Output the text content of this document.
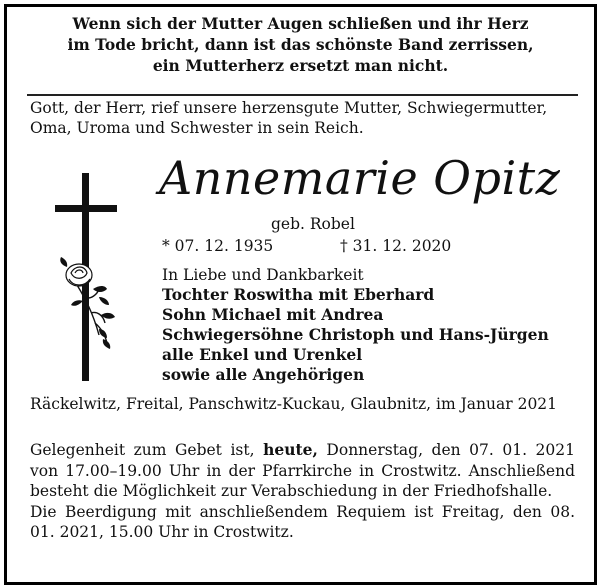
Wenn sich der Mutter Augen schließen und ihr Herz
im Tode bricht, dann ist das schönste Band zerrissen,
ein Mutterherz ersetzt man nicht.
Gott, der Herr, rief unsere herzensgute Mutter, Schwiegermutter, Oma, Uroma und Schwester in sein Reich.
Annemarie Opitz
geb. Robel
* 07. 12. 1935	† 31. 12. 2020
In Liebe und Dankbarkeit
Tochter Roswitha mit Eberhard
Sohn Michael mit Andrea
Schwiegersöhne Christoph und Hans-Jürgen
alle Enkel und Urenkel
sowie alle Angehörigen
Räckelwitz, Freital, Panschwitz-Kuckau, Glaubnitz, im Januar 2021
Gelegenheit zum Gebet ist, heute, Donnerstag, den 07. 01. 2021 von 17.00–19.00 Uhr in der Pfarrkirche in Crostwitz. Anschließend besteht die Möglichkeit zur Verabschiedung in der Friedhofshalle.
Die Beerdigung mit anschließendem Requiem ist Freitag, den 08. 01. 2021, 15.00 Uhr in Crostwitz.
